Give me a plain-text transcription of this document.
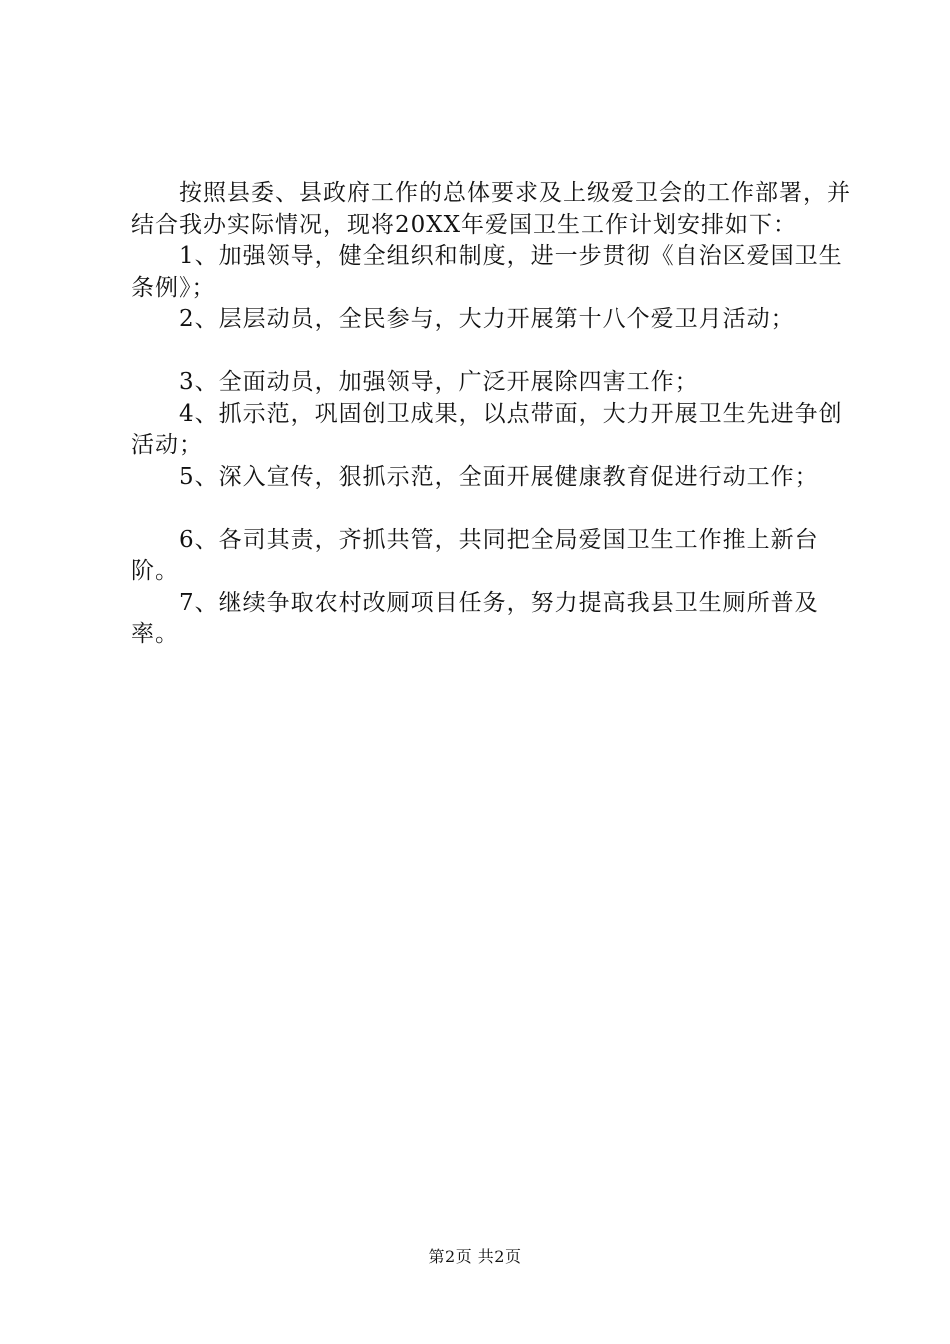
按照县委、县政府工作的总体要求及上级爱卫会的工作部署，并结合我办实际情况，现将20XX年爱国卫生工作计划安排如下：

1、加强领导，健全组织和制度，进一步贯彻《自治区爱国卫生条例》；

2、层层动员，全民参与，大力开展第十八个爱卫月活动；

3、全面动员，加强领导，广泛开展除四害工作；

4、抓示范，巩固创卫成果，以点带面，大力开展卫生先进争创活动；

5、深入宣传，狠抓示范，全面开展健康教育促进行动工作；

6、各司其责，齐抓共管，共同把全局爱国卫生工作推上新台阶。

7、继续争取农村改厕项目任务，努力提高我县卫生厕所普及率。

第2页 共2页
